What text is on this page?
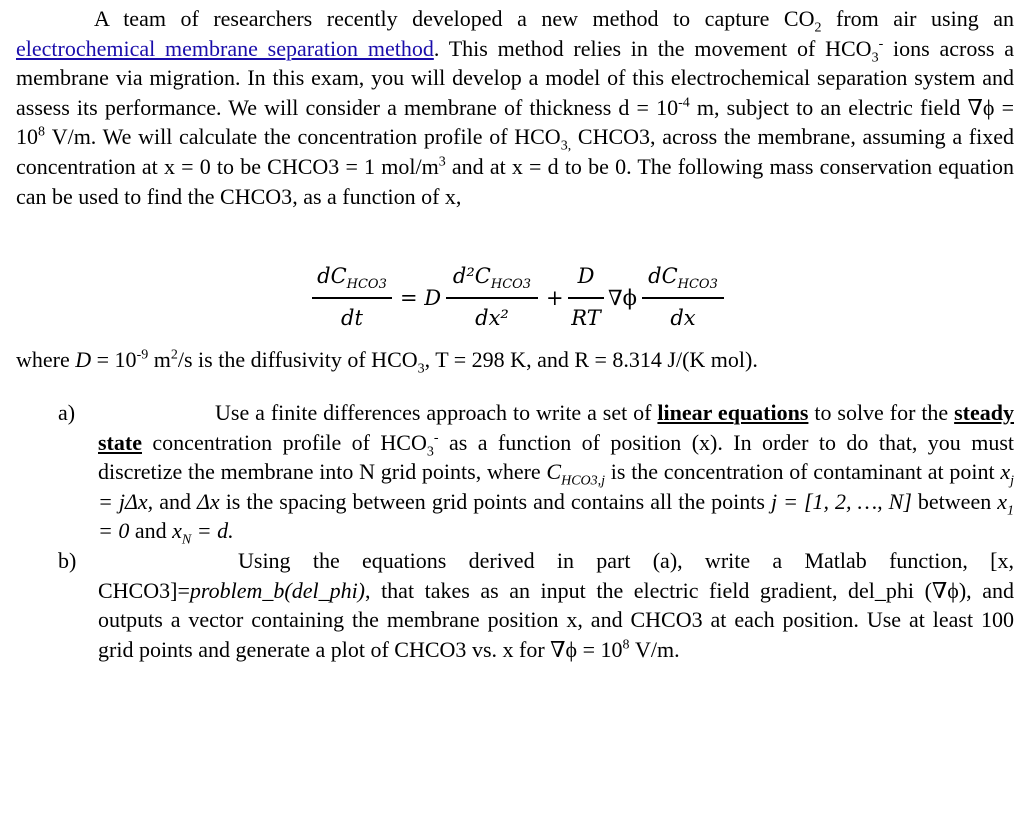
A team of researchers recently developed a new method to capture $CO_2$ from air using an electrochemical membrane separation method. This method relies in the movement of $HCO_3^-$ ions across a membrane via migration. In this exam, you will develop a model of this electrochemical separation system and assess its performance. We will consider a membrane of thickness $d = 10^{-4}$ m, subject to an electric field $\nabla\phi = 10^8$ V/m. We will calculate the concentration profile of $HCO_{3,}$ CHCO3, across the membrane, assuming a fixed concentration at x = 0 to be CHCO3 = 1 mol/$m^3$ and at x = d to be 0. The following mass conservation equation can be used to find the CHCO3, as a function of x,
$dC_{HCO3}$
dt
= D
$d^2C_{HCO3}$
dx²
+
D
RT
∇ϕ
$dC_{HCO3}$
dx
where $D = 10^{-9}$ $m^2/s$ is the diffusivity of $HCO_3$, T = 298 K, and R = 8.314 J/(K mol).
a)	Use a finite differences approach to write a set of linear equations to solve for the steady state concentration profile of $HCO_3^-$ as a function of position (x). In order to do that, you must discretize the membrane into N grid points, where $C_{HCO3,j}$ is the concentration of contaminant at point $x_j = j\Delta x$, and Δx is the spacing between grid points and contains all the points j = [1, 2, …, N] between $x_1 = 0$ and $x_N = d$.
b)	Using the equations derived in part (a), write a Matlab function, [x, CHCO3]=problem_b(del_phi), that takes as an input the electric field gradient, del_phi (∇ϕ), and outputs a vector containing the membrane position x, and CHCO3 at each position. Use at least 100 grid points and generate a plot of CHCO3 vs. x for $\nabla\phi = 10^8$ V/m.
